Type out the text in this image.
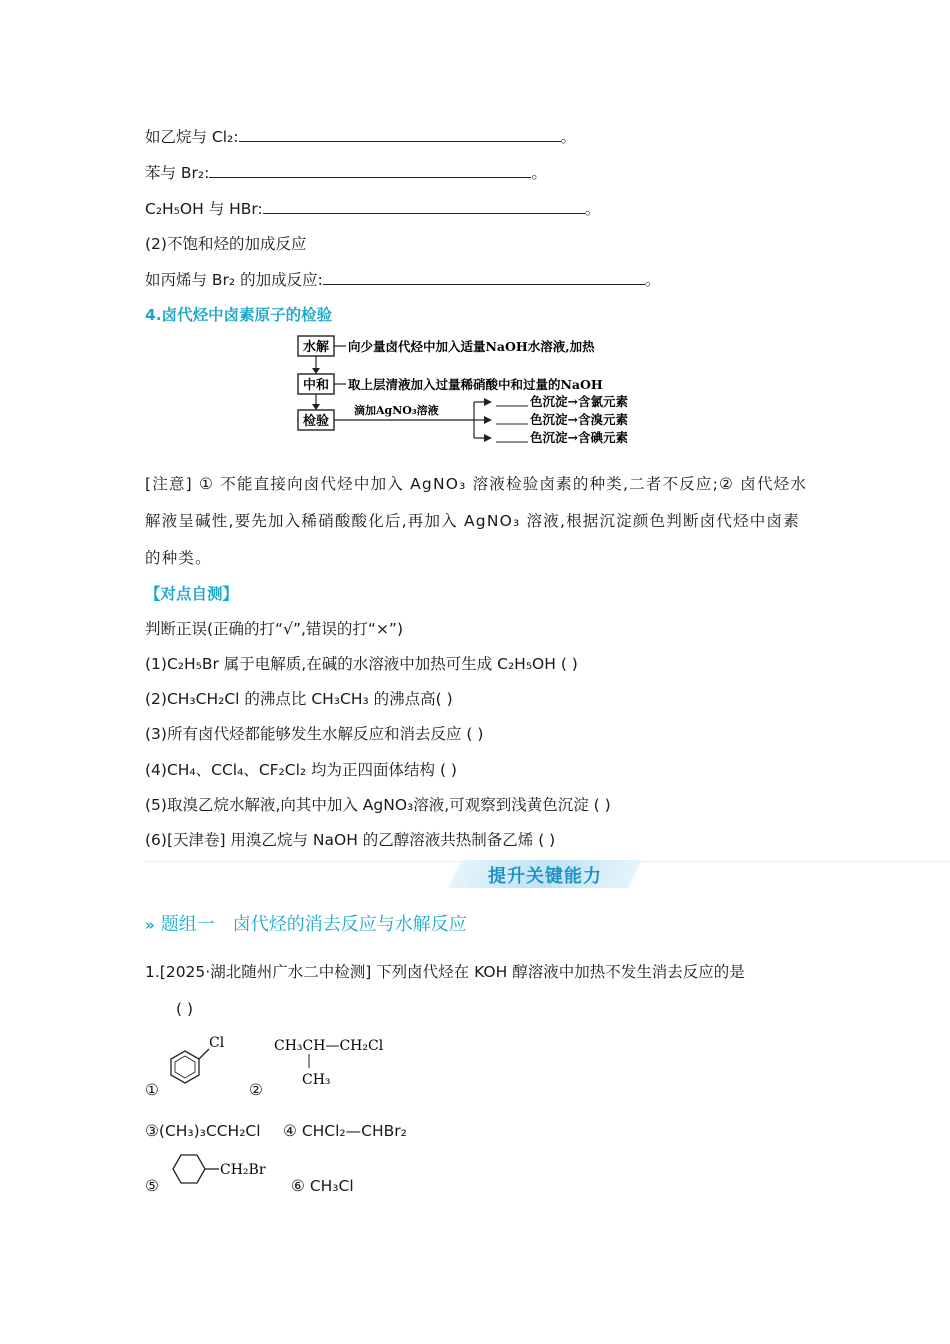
如乙烷与 Cl₂:	。
苯与 Br₂:	。
C₂H₅OH 与 HBr:	。
(2)不饱和烃的加成反应
如丙烯与 Br₂ 的加成反应:	。
4.卤代烃中卤素原子的检验
水解 向少量卤代烃中加入适量NaOH水溶液,加热
中和 取上层清液加入过量稀硝酸中和过量的NaOH
检验
滴加AgNO₃溶液
色沉淀→含氯元素
色沉淀→含溴元素
色沉淀→含碘元素
[注意] ① 不能直接向卤代烃中加入 AgNO₃ 溶液检验卤素的种类,二者不反应;② 卤代烃水解液呈碱性,要先加入稀硝酸酸化后,再加入 AgNO₃ 溶液,根据沉淀颜色判断卤代烃中卤素的种类。
【对点自测】
判断正误(正确的打“√”,错误的打“×”)
(1)C₂H₅Br 属于电解质,在碱的水溶液中加热可生成 C₂H₅OH ( )
(2)CH₃CH₂Cl 的沸点比 CH₃CH₃ 的沸点高( )
(3)所有卤代烃都能够发生水解反应和消去反应 ( )
(4)CH₄、CCl₄、CF₂Cl₂ 均为正四面体结构 ( )
(5)取溴乙烷水解液,向其中加入 AgNO₃溶液,可观察到浅黄色沉淀 ( )
(6)[天津卷] 用溴乙烷与 NaOH 的乙醇溶液共热制备乙烯 ( )
提升关键能力
» 题组一　卤代烃的消去反应与水解反应
1.[2025·湖北随州广水二中检测] 下列卤代烃在 KOH 醇溶液中加热不发生消去反应的是
( )
①
Cl
②
CH₃CH—CH₂Cl
CH₃
③(CH₃)₃CCH₂Cl ④ CHCl₂—CHBr₂
⑤
CH₂Br
⑥ CH₃Cl
